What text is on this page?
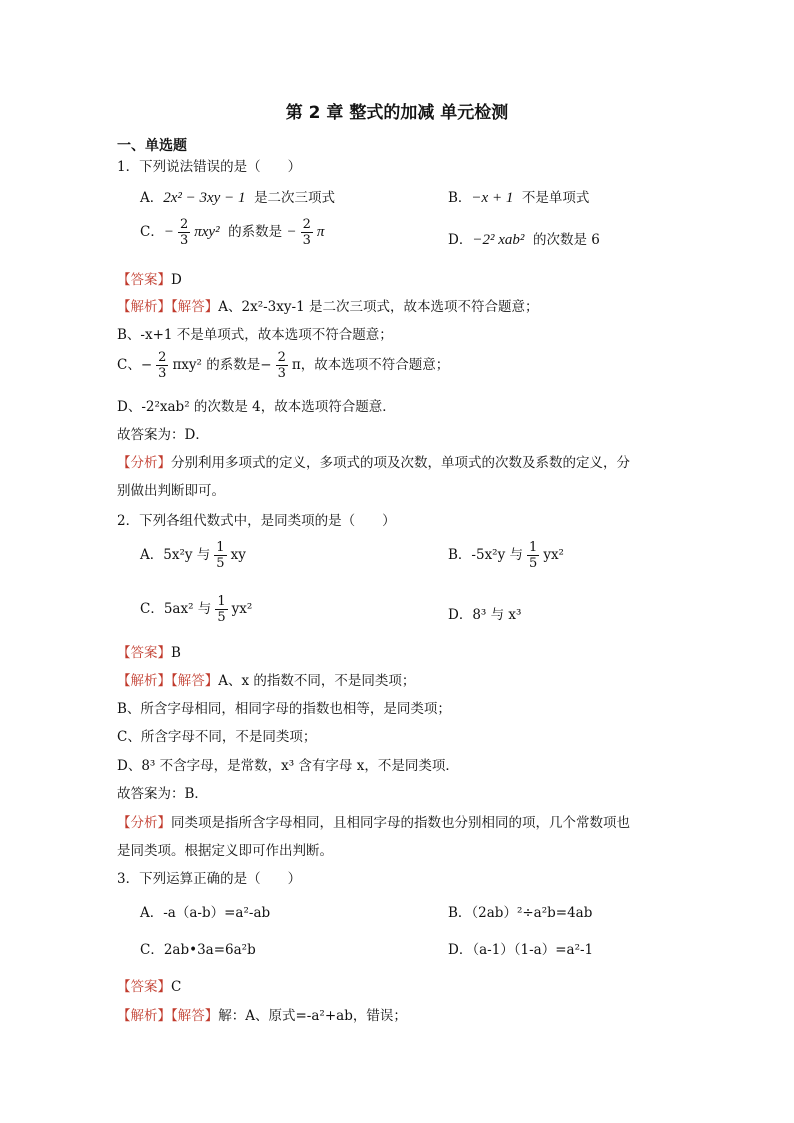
第 2 章 整式的加减 单元检测
一、单选题
1．下列说法错误的是（　　）
A．2x² − 3xy − 1 是二次三项式	B．−x + 1 不是单项式
C．− $\frac{2}{3} \pi xy^2$ 的系数是 − $\frac{2}{3}$ π	D．−2² xab² 的次数是 6
【答案】D
【解析】【解答】A、2x²-3xy-1 是二次三项式，故本选项不符合题意；
B、-x+1 不是单项式，故本选项不符合题意；
C、− $\frac{2}{3} \pi xy^2$ 的系数是− $\frac{2}{3}$ π，故本选项不符合题意；
D、-2²xab² 的次数是 4，故本选项符合题意．
故答案为：D．
【分析】分别利用多项式的定义，多项式的项及次数，单项式的次数及系数的定义，分
别做出判断即可。
2．下列各组代数式中，是同类项的是（　　）
A．5x²y 与 $\frac{1}{5}$ xy	B．-5x²y 与 $\frac{1}{5} yx^2$
C．5ax² 与 $\frac{1}{5} yx^2$	D．8³ 与 x³
【答案】B
【解析】【解答】A、x 的指数不同，不是同类项；
B、所含字母相同，相同字母的指数也相等，是同类项；
C、所含字母不同，不是同类项；
D、8³ 不含字母，是常数，x³ 含有字母 x，不是同类项．
故答案为：B．
【分析】同类项是指所含字母相同，且相同字母的指数也分别相同的项，几个常数项也
是同类项。根据定义即可作出判断。
3．下列运算正确的是（　　）
A．-a（a-b）=a²-ab	B．（2ab）²÷a²b=4ab
C．2ab•3a=6a²b	D．（a-1）（1-a）=a²-1
【答案】C
【解析】【解答】解：A、原式=-a²+ab，错误；
